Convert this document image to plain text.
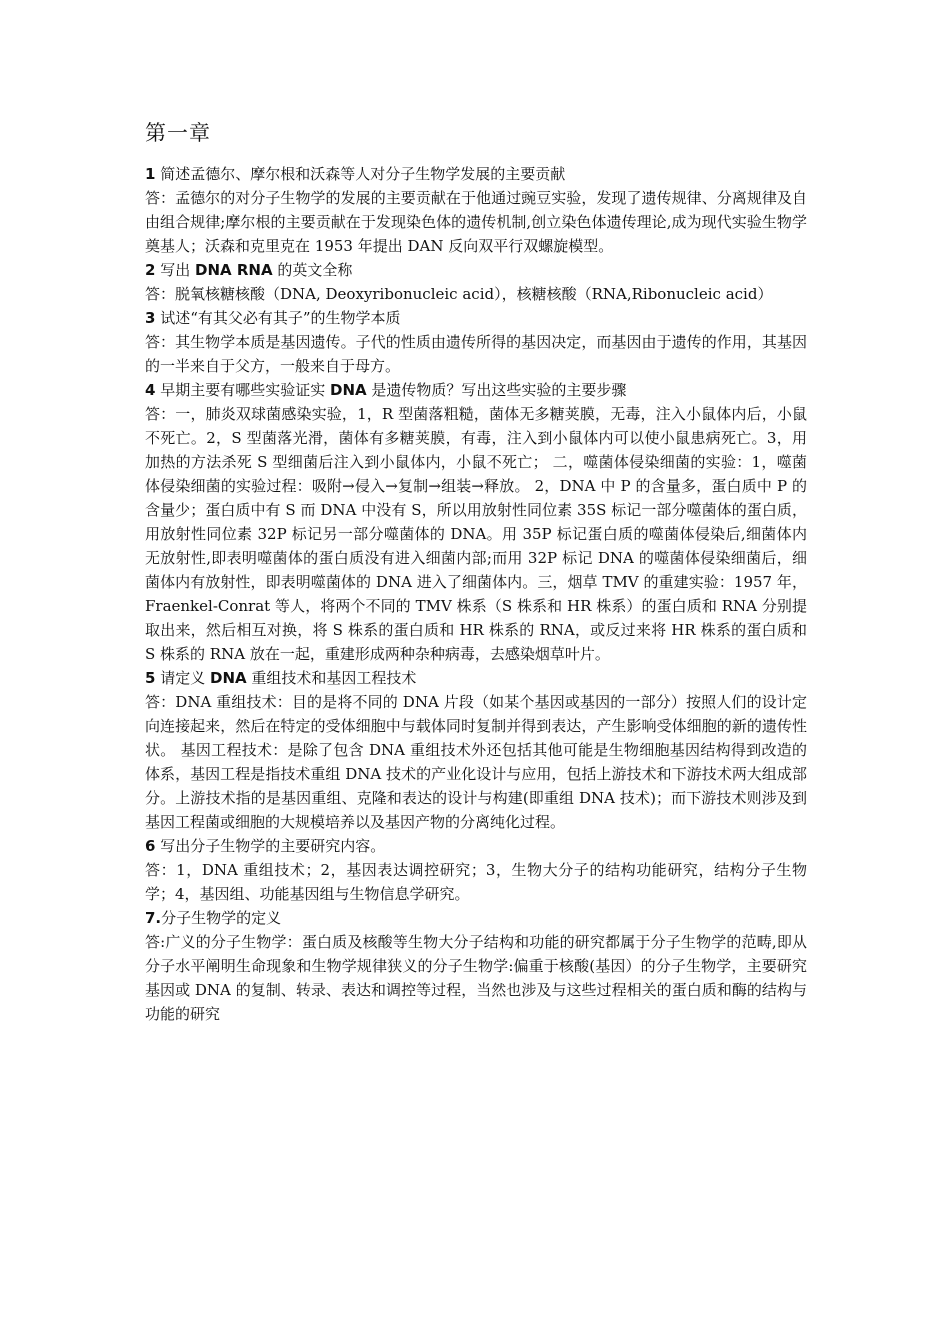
第一章

1 简述孟德尔、摩尔根和沃森等人对分子生物学发展的主要贡献

答：孟德尔的对分子生物学的发展的主要贡献在于他通过豌豆实验，发现了遗传规律、分离规律及自由组合规律;摩尔根的主要贡献在于发现染色体的遗传机制,创立染色体遗传理论,成为现代实验生物学奠基人；沃森和克里克在 1953 年提出 DAN 反向双平行双螺旋模型。

2 写出 DNA RNA 的英文全称

答：脱氧核糖核酸（DNA, Deoxyribonucleic acid），核糖核酸（RNA,Ribonucleic acid）

3 试述“有其父必有其子”的生物学本质

答：其生物学本质是基因遗传。子代的性质由遗传所得的基因决定，而基因由于遗传的作用，其基因的一半来自于父方，一般来自于母方。

4 早期主要有哪些实验证实 DNA 是遗传物质？写出这些实验的主要步骤

答：一，肺炎双球菌感染实验，1，R 型菌落粗糙，菌体无多糖荚膜，无毒，注入小鼠体内后，小鼠不死亡。2，S 型菌落光滑，菌体有多糖荚膜，有毒，注入到小鼠体内可以使小鼠患病死亡。3，用加热的方法杀死 S 型细菌后注入到小鼠体内，小鼠不死亡； 二，噬菌体侵染细菌的实验：1，噬菌体侵染细菌的实验过程：吸附→侵入→复制→组装→释放。 2，DNA 中 P 的含量多，蛋白质中 P 的含量少；蛋白质中有 S 而 DNA 中没有 S，所以用放射性同位素 35S 标记一部分噬菌体的蛋白质，用放射性同位素 32P 标记另一部分噬菌体的 DNA。用 35P 标记蛋白质的噬菌体侵染后,细菌体内无放射性,即表明噬菌体的蛋白质没有进入细菌内部;而用 32P 标记 DNA 的噬菌体侵染细菌后，细菌体内有放射性，即表明噬菌体的 DNA 进入了细菌体内。三，烟草 TMV 的重建实验：1957 年，Fraenkel-Conrat 等人，将两个不同的 TMV 株系（S 株系和 HR 株系）的蛋白质和 RNA 分别提取出来，然后相互对换，将 S 株系的蛋白质和 HR 株系的 RNA，或反过来将 HR 株系的蛋白质和 S 株系的 RNA 放在一起，重建形成两种杂种病毒，去感染烟草叶片。

5 请定义 DNA 重组技术和基因工程技术

答：DNA 重组技术：目的是将不同的 DNA 片段（如某个基因或基因的一部分）按照人们的设计定向连接起来，然后在特定的受体细胞中与载体同时复制并得到表达，产生影响受体细胞的新的遗传性状。 基因工程技术：是除了包含 DNA 重组技术外还包括其他可能是生物细胞基因结构得到改造的体系，基因工程是指技术重组 DNA 技术的产业化设计与应用，包括上游技术和下游技术两大组成部分。上游技术指的是基因重组、克隆和表达的设计与构建(即重组 DNA 技术)；而下游技术则涉及到基因工程菌或细胞的大规模培养以及基因产物的分离纯化过程。

6 写出分子生物学的主要研究内容。

答：1，DNA 重组技术；2，基因表达调控研究；3，生物大分子的结构功能研究，结构分子生物学；4，基因组、功能基因组与生物信息学研究。

7.分子生物学的定义

答:广义的分子生物学：蛋白质及核酸等生物大分子结构和功能的研究都属于分子生物学的范畴,即从分子水平阐明生命现象和生物学规律狭义的分子生物学:偏重于核酸(基因）的分子生物学，主要研究基因或 DNA 的复制、转录、表达和调控等过程，当然也涉及与这些过程相关的蛋白质和酶的结构与功能的研究
